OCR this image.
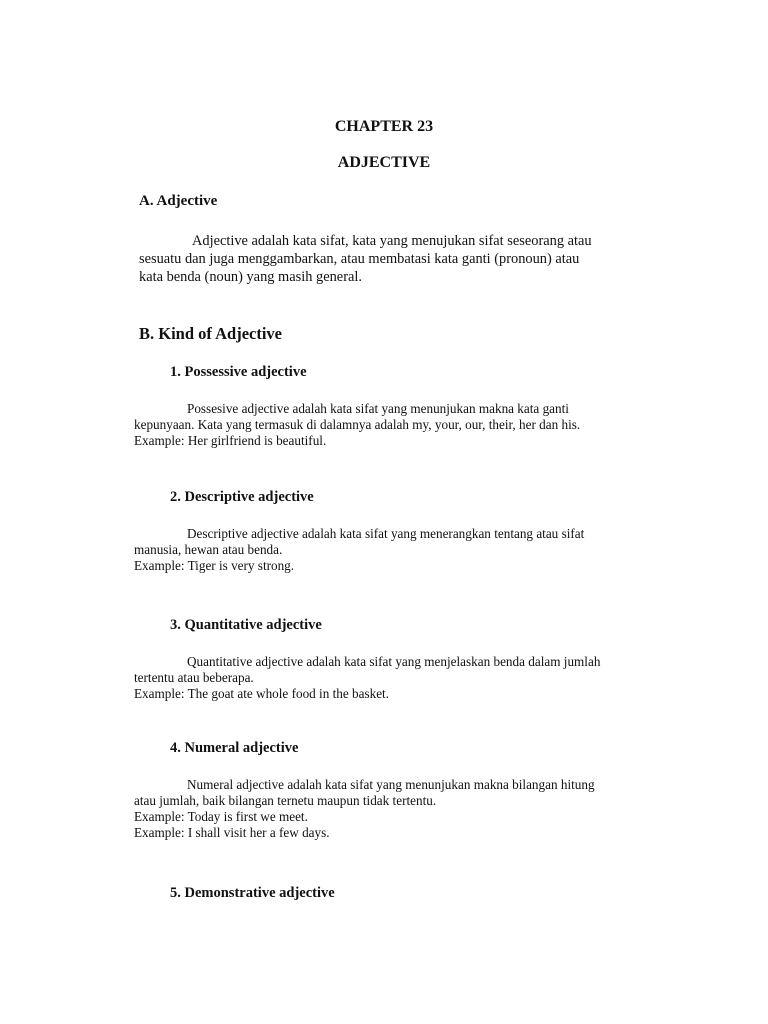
CHAPTER 23
ADJECTIVE
A. Adjective
Adjective adalah kata sifat, kata yang menujukan sifat seseorang atau
sesuatu dan juga menggambarkan, atau membatasi kata ganti (pronoun) atau
kata benda (noun) yang masih general.
B. Kind of Adjective
1. Possessive adjective
Possesive adjective adalah kata sifat yang menunjukan makna kata ganti
kepunyaan. Kata yang termasuk di dalamnya adalah my, your, our, their, her dan his.
Example: Her girlfriend is beautiful.
2. Descriptive adjective
Descriptive adjective adalah kata sifat yang menerangkan tentang atau sifat
manusia, hewan atau benda.
Example: Tiger is very strong.
3. Quantitative adjective
Quantitative adjective adalah kata sifat yang menjelaskan benda dalam jumlah
tertentu atau beberapa.
Example: The goat ate whole food in the basket.
4. Numeral adjective
Numeral adjective adalah kata sifat yang menunjukan makna bilangan hitung
atau jumlah, baik bilangan ternetu maupun tidak tertentu.
Example: Today is first we meet.
Example: I shall visit her a few days.
5. Demonstrative adjective
